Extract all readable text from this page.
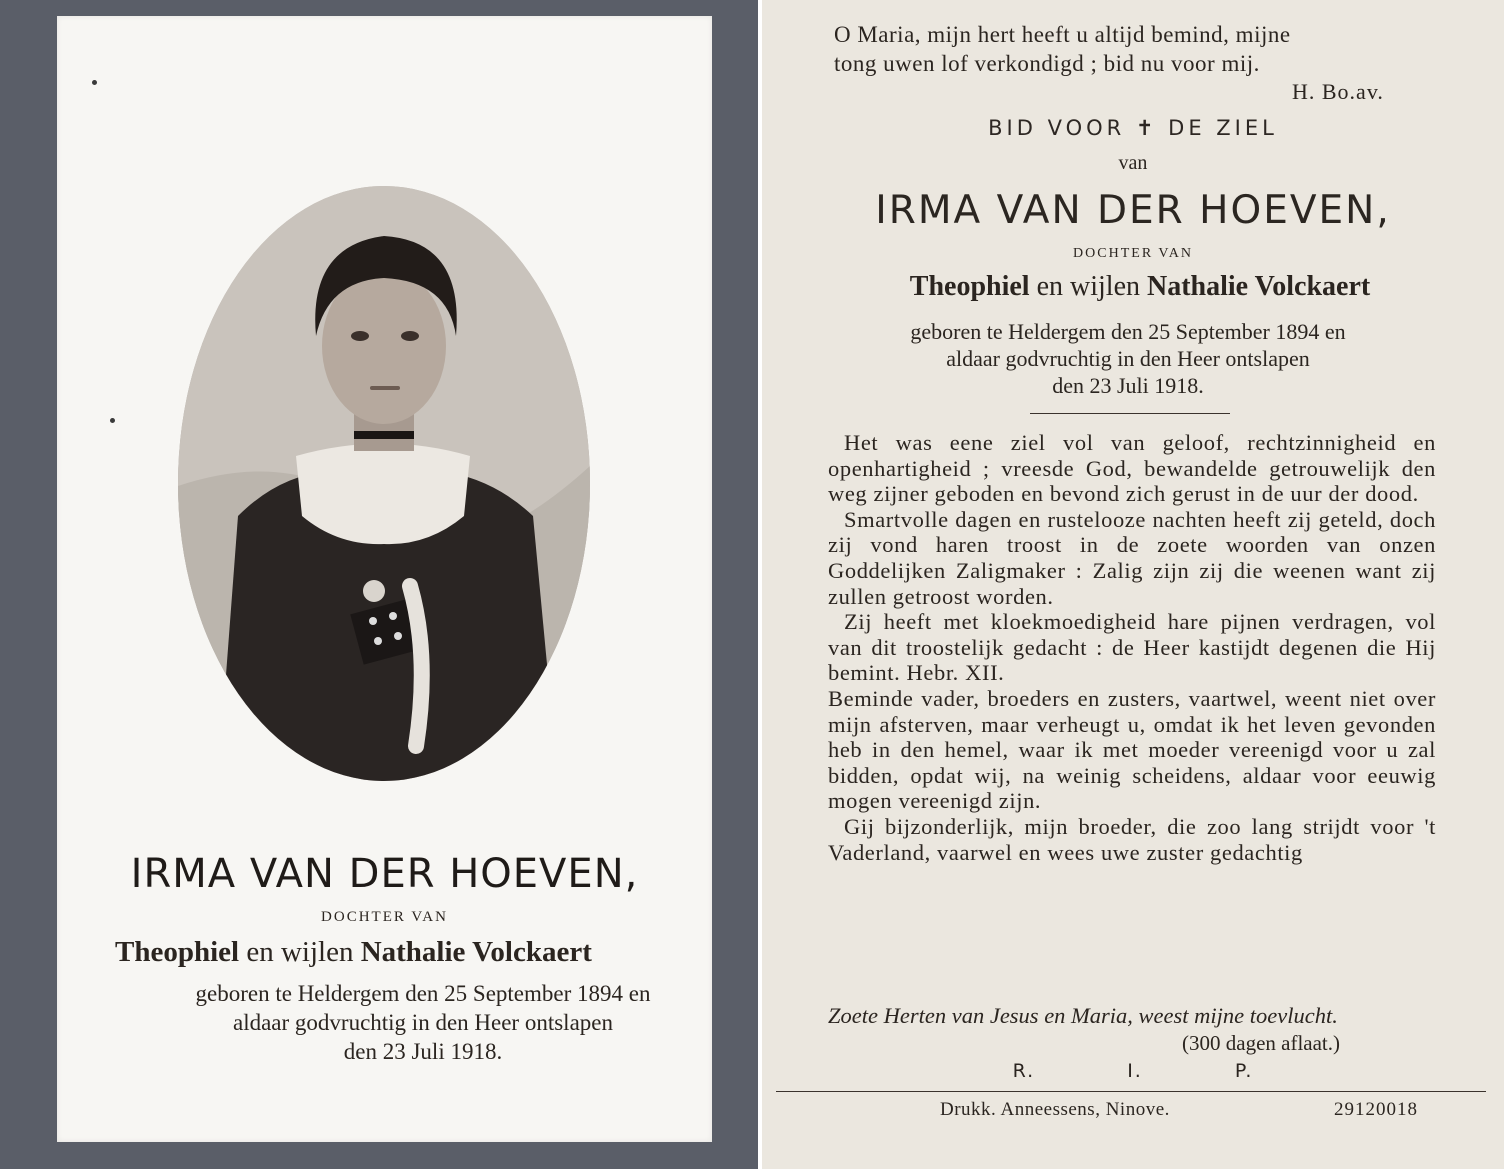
IRMA VAN DER HOEVEN,
DOCHTER VAN
Theophiel en wijlen Nathalie Volckaert
geboren te Heldergem den 25 September 1894 en
aldaar godvruchtig in den Heer ontslapen
den 23 Juli 1918.
O Maria, mijn hert heeft u altijd bemind, mijne
tong uwen lof verkondigd ; bid nu voor mij.
H. Bo.av.
BID VOOR ✝ DE ZIEL
van
IRMA VAN DER HOEVEN,
DOCHTER VAN
Theophiel en wijlen Nathalie Volckaert
geboren te Heldergem den 25 September 1894 en
aldaar godvruchtig in den Heer ontslapen
den 23 Juli 1918.

Het was eene ziel vol van geloof, rechtzinnigheid en openhartigheid ; vreesde God, bewandelde getrouwelijk den weg zijner geboden en bevond zich gerust in de uur der dood.

Smartvolle dagen en rustelooze nachten heeft zij geteld, doch zij vond haren troost in de zoete woorden van onzen Goddelijken Zaligmaker : Zalig zijn zij die weenen want zij zullen getroost worden.

Zij heeft met kloekmoedigheid hare pijnen verdragen, vol van dit troostelijk gedacht : de Heer kastijdt degenen die Hij bemint. Hebr. XII.

Beminde vader, broeders en zusters, vaartwel, weent niet over mijn afsterven, maar verheugt u, omdat ik het leven gevonden heb in den hemel, waar ik met moeder vereenigd voor u zal bidden, opdat wij, na weinig scheidens, aldaar voor eeuwig mogen vereenigd zijn.

Gij bijzonderlijk, mijn broeder, die zoo lang strijdt voor 't Vaderland, vaarwel en wees uwe zuster gedachtig

Zoete Herten van Jesus en Maria, weest mijne toevlucht.
(300 dagen aflaat.)
R.	I.	P.
Drukk. Anneessens, Ninove.	29120018
